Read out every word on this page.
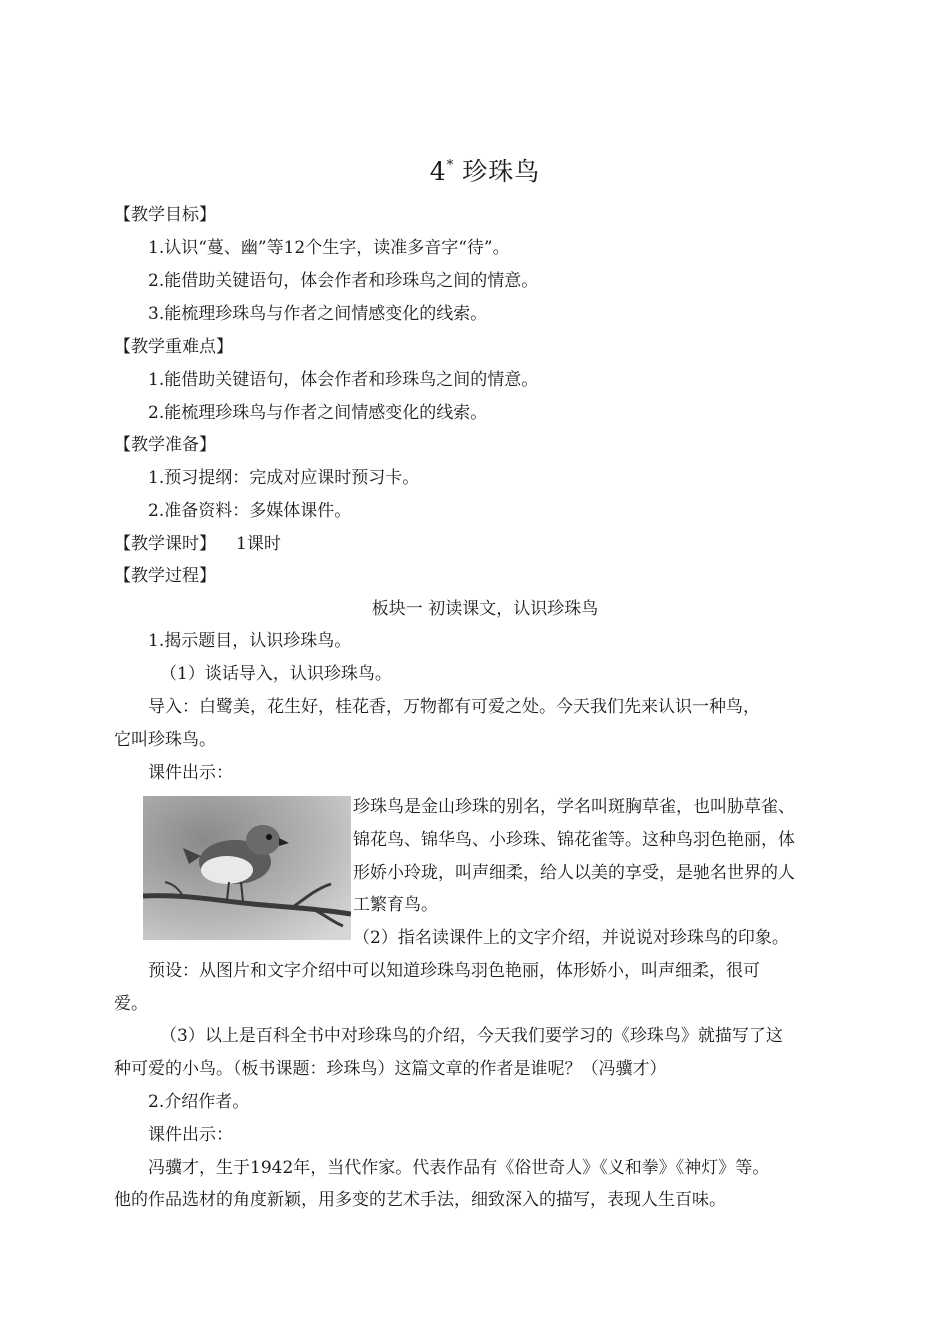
4* 珍珠鸟
【教学目标】
1.认识“蔓、幽”等12个生字，读准多音字“待”。
2.能借助关键语句，体会作者和珍珠鸟之间的情意。
3.能梳理珍珠鸟与作者之间情感变化的线索。
【教学重难点】
1.能借助关键语句，体会作者和珍珠鸟之间的情意。
2.能梳理珍珠鸟与作者之间情感变化的线索。
【教学准备】
1.预习提纲：完成对应课时预习卡。
2.准备资料：多媒体课件。
【教学课时】 1课时
【教学过程】
板块一 初读课文，认识珍珠鸟
1.揭示题目，认识珍珠鸟。
（1）谈话导入，认识珍珠鸟。
导入：白鹭美，花生好，桂花香，万物都有可爱之处。今天我们先来认识一种鸟，
它叫珍珠鸟。
课件出示：
珍珠鸟是金山珍珠的别名，学名叫斑胸草雀，也叫胁草雀、
锦花鸟、锦华鸟、小珍珠、锦花雀等。这种鸟羽色艳丽，体
形娇小玲珑，叫声细柔，给人以美的享受，是驰名世界的人
工繁育鸟。
（2）指名读课件上的文字介绍，并说说对珍珠鸟的印象。
预设：从图片和文字介绍中可以知道珍珠鸟羽色艳丽，体形娇小，叫声细柔，很可
爱。
（3）以上是百科全书中对珍珠鸟的介绍，今天我们要学习的《珍珠鸟》就描写了这
种可爱的小鸟。（板书课题：珍珠鸟）这篇文章的作者是谁呢？（冯骥才）
2.介绍作者。
课件出示：
冯骥才，生于1942年，当代作家。代表作品有《俗世奇人》《义和拳》《神灯》等。
他的作品选材的角度新颖，用多变的艺术手法，细致深入的描写，表现人生百味。
